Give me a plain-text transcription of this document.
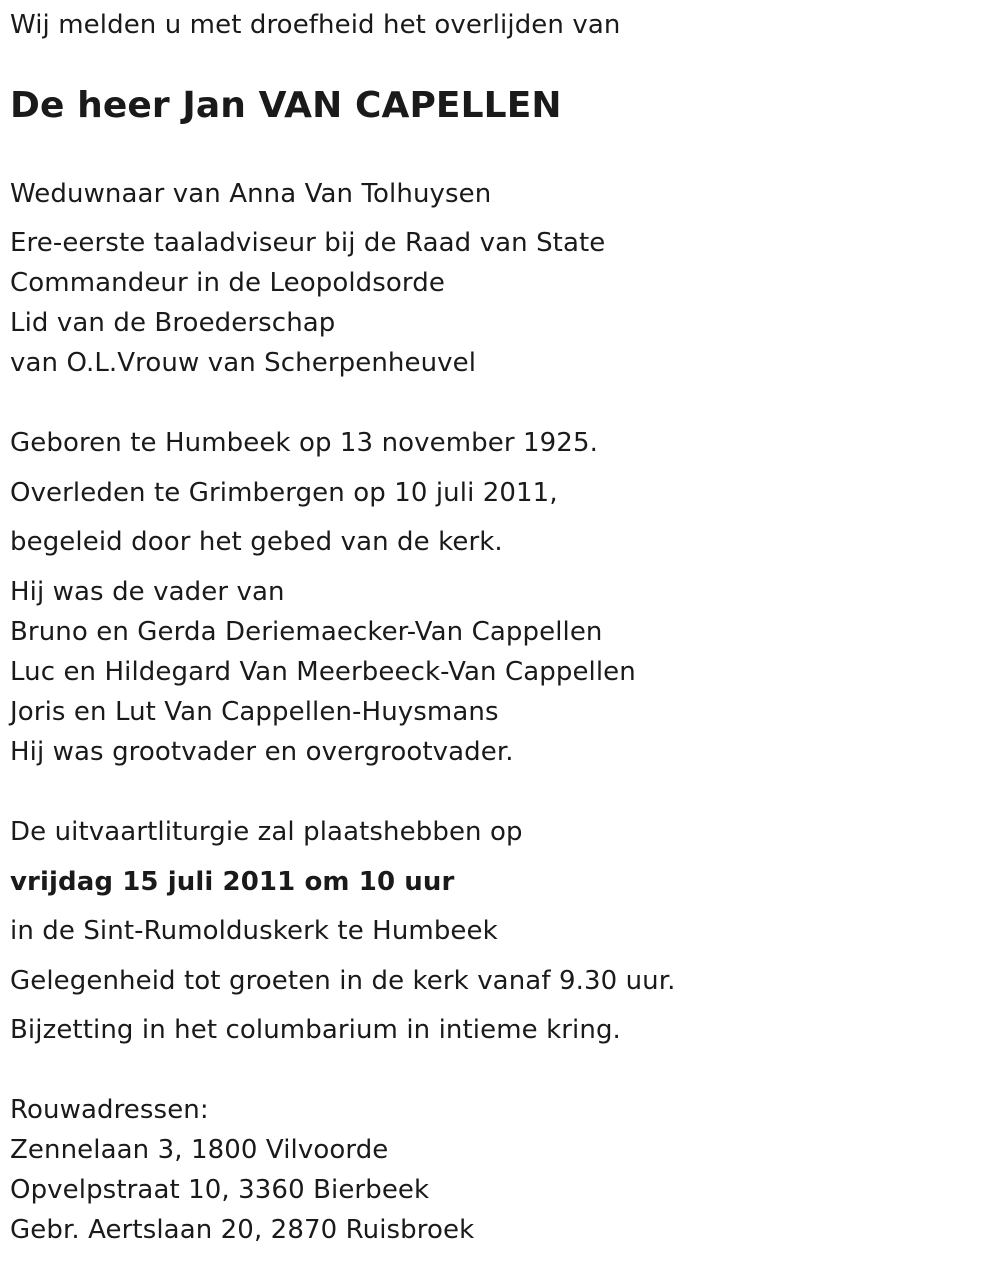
Wij melden u met droefheid het overlijden van
De heer Jan VAN CAPELLEN
Weduwnaar van Anna Van Tolhuysen
Ere-eerste taaladviseur bij de Raad van State
Commandeur in de Leopoldsorde
Lid van de Broederschap
van O.L.Vrouw van Scherpenheuvel
Geboren te Humbeek op 13 november 1925.
Overleden te Grimbergen op 10 juli 2011,
begeleid door het gebed van de kerk.
Hij was de vader van
Bruno en Gerda Deriemaecker-Van Cappellen
Luc en Hildegard Van Meerbeeck-Van Cappellen
Joris en Lut Van Cappellen-Huysmans
Hij was grootvader en overgrootvader.
De uitvaartliturgie zal plaatshebben op
vrijdag 15 juli 2011 om 10 uur
in de Sint-Rumolduskerk te Humbeek
Gelegenheid tot groeten in de kerk vanaf 9.30 uur.
Bijzetting in het columbarium in intieme kring.
Rouwadressen:
Zennelaan 3, 1800 Vilvoorde
Opvelpstraat 10, 3360 Bierbeek
Gebr. Aertslaan 20, 2870 Ruisbroek
